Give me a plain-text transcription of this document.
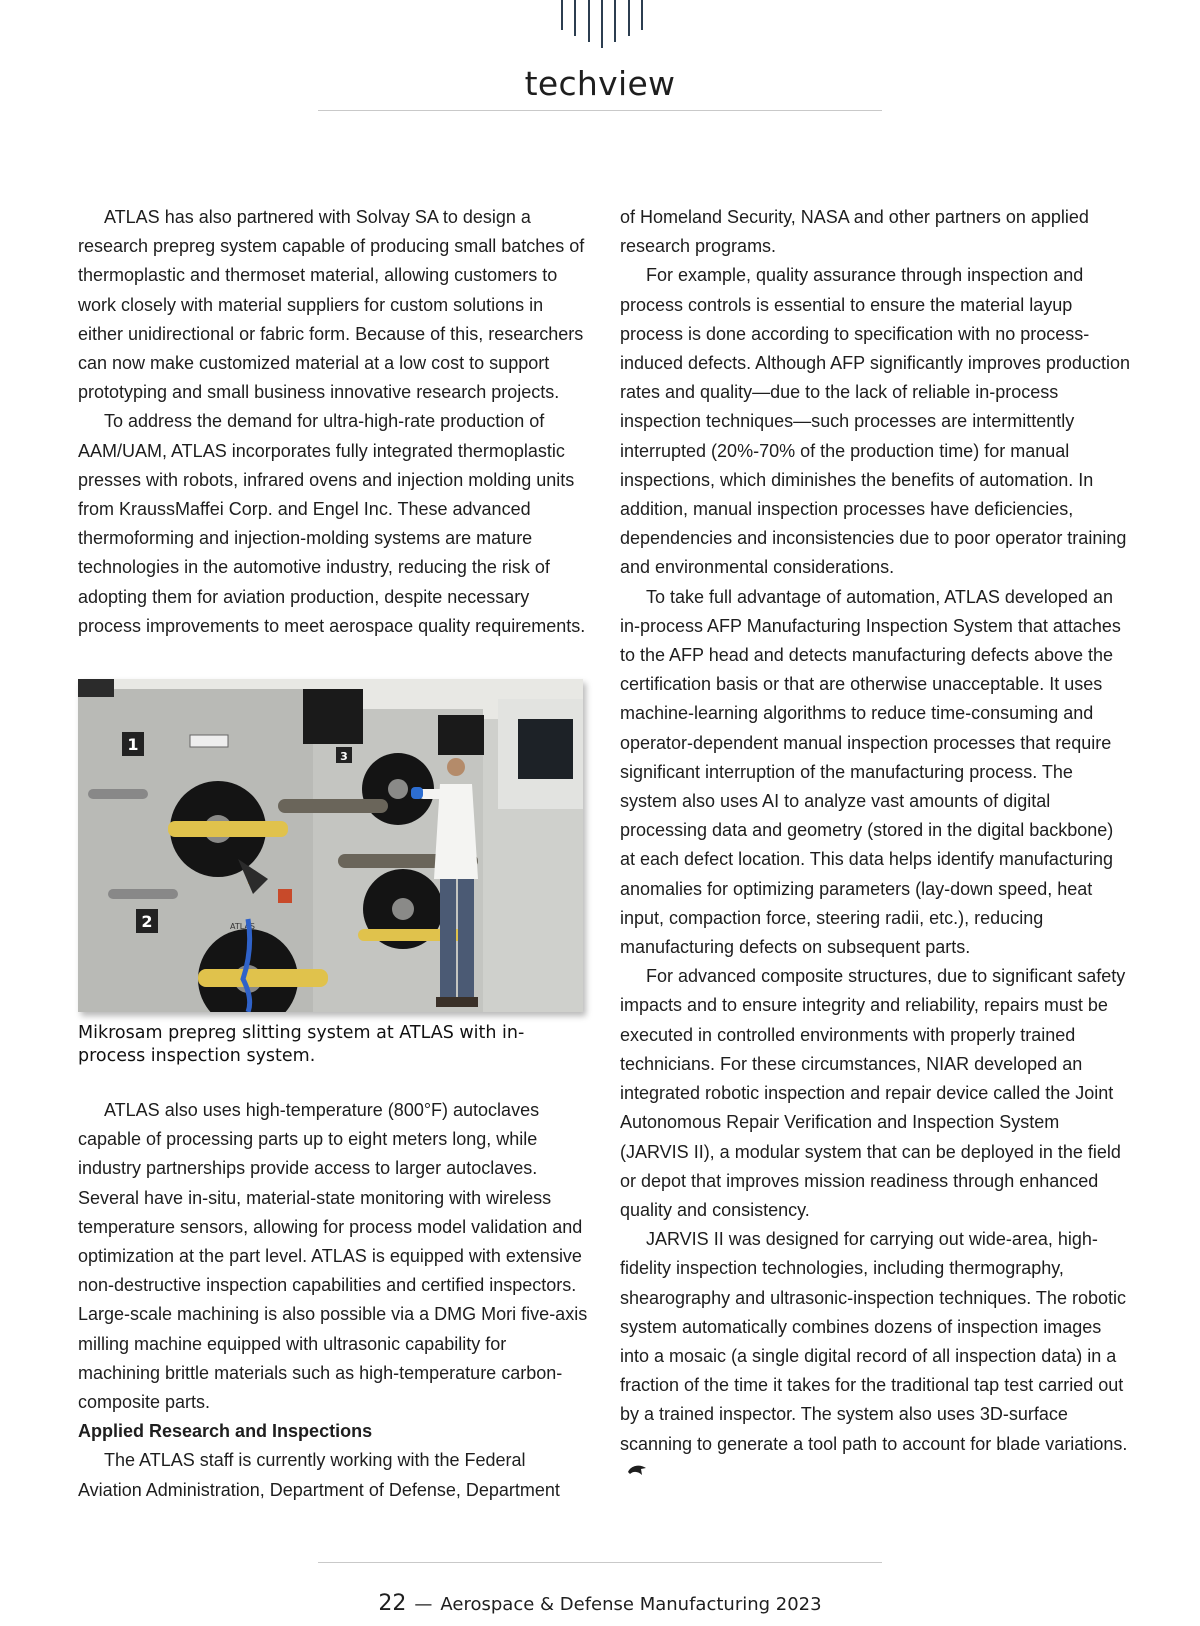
techview

ATLAS has also partnered with Solvay SA to design a research prepreg system capable of producing small batches of thermoplastic and thermoset material, allowing customers to work closely with material suppliers for custom solutions in either unidirectional or fabric form. Because of this, researchers can now make customized material at a low cost to support prototyping and small business innovative research projects.

To address the demand for ultra-high-rate production of AAM/UAM, ATLAS incorporates fully integrated thermoplastic presses with robots, infrared ovens and injection molding units from KraussMaffei Corp. and Engel Inc. These advanced thermoforming and injection-molding systems are mature technologies in the automotive industry, reducing the risk of adopting them for aviation production, despite necessary process improvements to meet aerospace quality requirements.

1
3
2	ATLAS
Mikrosam prepreg slitting system at ATLAS with in-process inspection system.

ATLAS also uses high-temperature (800°F) autoclaves capable of processing parts up to eight meters long, while industry partnerships provide access to larger autoclaves. Several have in-situ, material-state monitoring with wireless temperature sensors, allowing for process model validation and optimization at the part level. ATLAS is equipped with extensive non-destructive inspection capabilities and certified inspectors. Large-scale machining is also possible via a DMG Mori five-axis milling machine equipped with ultrasonic capability for machining brittle materials such as high-temperature carbon-composite parts.

Applied Research and Inspections

The ATLAS staff is currently working with the Federal Aviation Administration, Department of Defense, Department

of Homeland Security, NASA and other partners on applied research programs.

For example, quality assurance through inspection and process controls is essential to ensure the material layup process is done according to specification with no process-induced defects. Although AFP significantly improves production rates and quality—due to the lack of reliable in-process inspection techniques—such processes are intermittently interrupted (20%-70% of the production time) for manual inspections, which diminishes the benefits of automation. In addition, manual inspection processes have deficiencies, dependencies and inconsistencies due to poor operator training and environmental considerations.

To take full advantage of automation, ATLAS developed an in-process AFP Manufacturing Inspection System that attaches to the AFP head and detects manufacturing defects above the certification basis or that are otherwise unacceptable. It uses machine-learning algorithms to reduce time-consuming and operator-dependent manual inspection processes that require significant interruption of the manufacturing process. The system also uses AI to analyze vast amounts of digital processing data and geometry (stored in the digital backbone) at each defect location. This data helps identify manufacturing anomalies for optimizing parameters (lay-down speed, heat input, compaction force, steering radii, etc.), reducing manufacturing defects on subsequent parts.

For advanced composite structures, due to significant safety impacts and to ensure integrity and reliability, repairs must be executed in controlled environments with properly trained technicians. For these circumstances, NIAR developed an integrated robotic inspection and repair device called the Joint Autonomous Repair Verification and Inspection System (JARVIS II), a modular system that can be deployed in the field or depot that improves mission readiness through enhanced quality and consistency.

JARVIS II was designed for carrying out wide-area, high-fidelity inspection technologies, including thermography, shearography and ultrasonic-inspection techniques. The robotic system automatically combines dozens of inspection images into a mosaic (a single digital record of all inspection data) in a fraction of the time it takes for the traditional tap test carried out by a trained inspector. The system also uses 3D-surface scanning to generate a tool path to account for blade variations.

22 — Aerospace & Defense Manufacturing 2023
